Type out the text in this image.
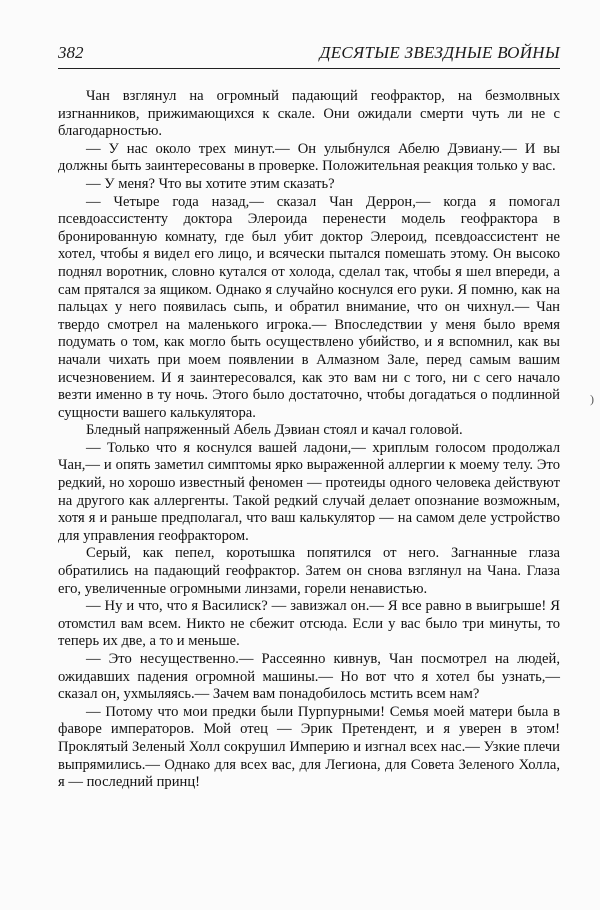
382	ДЕСЯТЫЕ ЗВЕЗДНЫЕ ВОЙНЫ

Чан взглянул на огромный падающий геофрактор, на безмолвных изгнанников, прижимающихся к скале. Они ожидали смерти чуть ли не с благодарностью.

— У нас около трех минут.— Он улыбнулся Абелю Дэвиану.— И вы должны быть заинтересованы в проверке. Положительная реакция только у вас.

— У меня? Что вы хотите этим сказать?

— Четыре года назад,— сказал Чан Деррон,— когда я помогал псевдоассистенту доктора Элероида перенести модель геофрактора в бронированную комнату, где был убит доктор Элероид, псевдоассистент не хотел, чтобы я видел его лицо, и всячески пытался помешать этому. Он высоко поднял воротник, словно кутался от холода, сделал так, чтобы я шел впереди, а сам прятался за ящиком. Однако я случайно коснулся его руки. Я помню, как на пальцах у него появилась сыпь, и обратил внимание, что он чихнул.— Чан твердо смотрел на маленького игрока.— Впоследствии у меня было время подумать о том, как могло быть осуществлено убийство, и я вспомнил, как вы начали чихать при моем появлении в Алмазном Зале, перед самым вашим исчезновением. И я заинтересовался, как это вам ни с того, ни с сего начало везти именно в ту ночь. Этого было достаточно, чтобы догадаться о подлинной сущности вашего калькулятора.

Бледный напряженный Абель Дэвиан стоял и качал головой.

— Только что я коснулся вашей ладони,— хриплым голосом продолжал Чан,— и опять заметил симптомы ярко выраженной аллергии к моему телу. Это редкий, но хорошо известный феномен — протеиды одного человека действуют на другого как аллергенты. Такой редкий случай делает опознание возможным, хотя я и раньше предполагал, что ваш калькулятор — на самом деле устройство для управления геофрактором.

Серый, как пепел, коротышка попятился от него. Загнанные глаза обратились на падающий геофрактор. Затем он снова взглянул на Чана. Глаза его, увеличенные огромными линзами, горели ненавистью.

— Ну и что, что я Василиск? — завизжал он.— Я все равно в выигрыше! Я отомстил вам всем. Никто не сбежит отсюда. Если у вас было три минуты, то теперь их две, а то и меньше.

— Это несущественно.— Рассеянно кивнув, Чан посмотрел на людей, ожидавших падения огромной машины.— Но вот что я хотел бы узнать,— сказал он, ухмыляясь.— Зачем вам понадобилось мстить всем нам?

— Потому что мои предки были Пурпурными! Семья моей матери была в фаворе императоров. Мой отец — Эрик Претендент, и я уверен в этом! Проклятый Зеленый Холл сокрушил Империю и изгнал всех нас.— Узкие плечи выпрямились.— Однако для всех вас, для Легиона, для Совета Зеленого Холла, я — последний принц!

)
